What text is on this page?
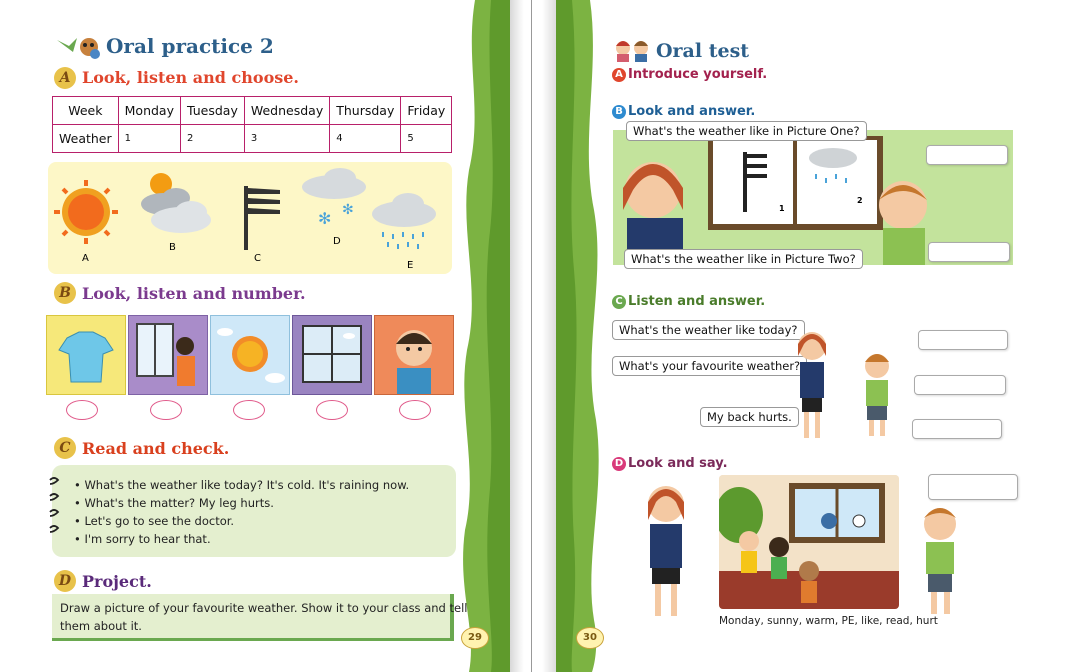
Oral practice 2
A Look, listen and choose.
Week	Monday	Tuesday	Wednesday	Thursday	Friday
Weather	1	2	3	4	5
✻ ✻
A
B
C
D
E
B Look, listen and number.
C Read and check.
• What's the weather like today? It's cold. It's raining now.
• What's the matter? My leg hurts.
• Let's go to see the doctor.
• I'm sorry to hear that.
D Project.
Draw a picture of your favourite weather. Show it to your class and tell
them about it.
29
Oral test
A Introduce yourself.
B Look and answer.
1
2
What's the weather like in Picture One?
What's the weather like in Picture Two?
C Listen and answer.
What's the weather like today?
What's your favourite weather?
My back hurts.
D Look and say.
Monday, sunny, warm, PE, like, read, hurt
30
